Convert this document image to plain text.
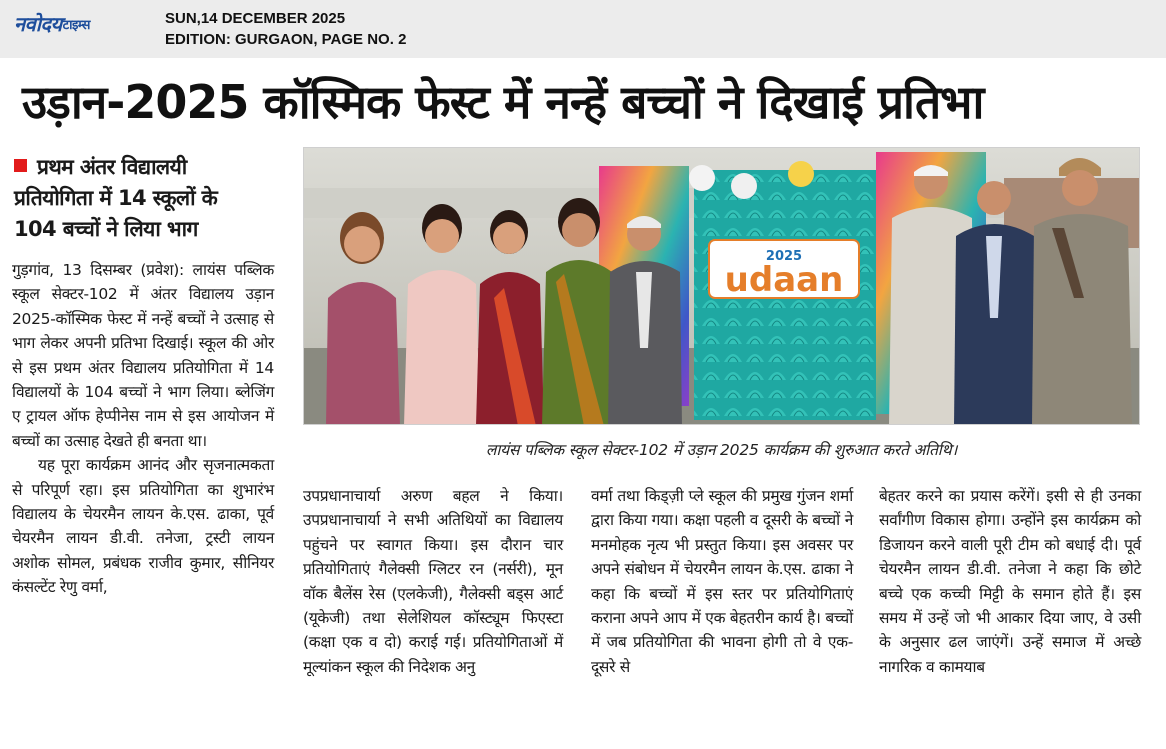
नवोदयटाइम्स	SUN,14 DECEMBER 2025
EDITION: GURGAON, PAGE NO. 2
उड़ान-2025 कॉस्मिक फेस्ट में नन्हें बच्चों ने दिखाई प्रतिभा
प्रथम अंतर विद्यालयी
प्रतियोगिता में 14 स्कूलों के
104 बच्चों ने लिया भाग

गुड़गांव, 13 दिसम्बर (प्रवेश): लायंस पब्लिक स्कूल सेक्टर-102 में अंतर विद्यालय उड़ान 2025-कॉस्मिक फेस्ट में नन्हें बच्चों ने उत्साह से भाग लेकर अपनी प्रतिभा दिखाई। स्कूल की ओर से इस प्रथम अंतर विद्यालय प्रतियोगिता में 14 विद्यालयों के 104 बच्चों ने भाग लिया। ब्लेजिंग ए ट्रायल ऑफ हेप्पीनेस नाम से इस आयोजन में बच्चों का उत्साह देखते ही बनता था।

यह पूरा कार्यक्रम आनंद और सृजनात्मकता से परिपूर्ण रहा। इस प्रतियोगिता का शुभारंभ विद्यालय के चेयरमैन लायन के.एस. ढाका, पूर्व चेयरमैन लायन डी.वी. तनेजा, ट्रस्टी लायन अशोक सोमल, प्रबंधक राजीव कुमार, सीनियर कंसल्टेंट रेणु वर्मा,

2025
udaan
लायंस पब्लिक स्कूल सेक्टर-102 में उड़ान 2025 कार्यक्रम की शुरुआत करते अतिथि।

उपप्रधानाचार्या अरुण बहल ने किया। उपप्रधानाचार्या ने सभी अतिथियों का विद्यालय पहुंचने पर स्वागत किया। इस दौरान चार प्रतियोगिताएं गैलेक्सी ग्लिटर रन (नर्सरी), मून वॉक बैलेंस रेस (एलकेजी), गैलेक्सी बड्स आर्ट (यूकेजी) तथा सेलेशियल कॉस्ट्यूम फिएस्टा (कक्षा एक व दो) कराई गई। प्रतियोगिताओं में मूल्यांकन स्कूल की निदेशक अनु

वर्मा तथा किड्ज़ी प्ले स्कूल की प्रमुख गुंजन शर्मा द्वारा किया गया। कक्षा पहली व दूसरी के बच्चों ने मनमोहक नृत्य भी प्रस्तुत किया। इस अवसर पर अपने संबोधन में चेयरमैन लायन के.एस. ढाका ने कहा कि बच्चों में इस स्तर पर प्रतियोगिताएं कराना अपने आप में एक बेहतरीन कार्य है। बच्चों में जब प्रतियोगिता की भावना होगी तो वे एक-दूसरे से

बेहतर करने का प्रयास करेंगें। इसी से ही उनका सर्वांगीण विकास होगा। उन्होंने इस कार्यक्रम को डिजायन करने वाली पूरी टीम को बधाई दी। पूर्व चेयरमैन लायन डी.वी. तनेजा ने कहा कि छोटे बच्चे एक कच्ची मिट्टी के समान होते हैं। इस समय में उन्हें जो भी आकार दिया जाए, वे उसी के अनुसार ढल जाएंगें। उन्हें समाज में अच्छे नागरिक व कामयाब
